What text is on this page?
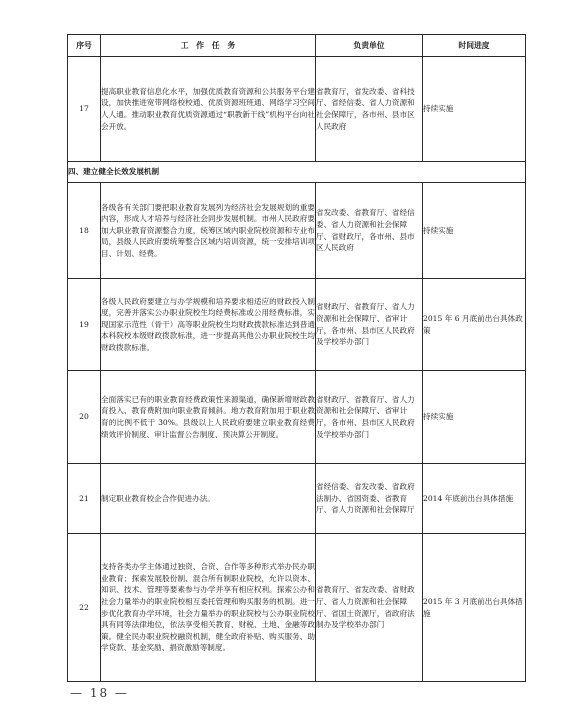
序号	工　作　任　务	负责单位	时间进度
17	提高职业教育信息化水平，加强优质教育资源和公共服务平台建设，加快推进宽带网络校校通、优质资源班班通、网络学习空间人人通。推动职业教育优质资源通过“职教新干线”机构平台向社会开放。	省教育厅，省发改委、省科技厅、省经信委、省人力资源和社会保障厅，各市州、县市区人民政府	持续实施
四、建立健全长效发展机制			
18	各级各有关部门要把职业教育发展列为经济社会发展规划的重要内容，形成人才培养与经济社会同步发展机制。市州人民政府要加大职业教育资源整合力度，统筹区域内职业院校资源和专业布局，县级人民政府要统筹整合区域内培训资源，统一安排培训项目、计划、经费。	省发改委、省教育厅、省经信委、省人力资源和社会保障厅、省财政厅，各市州、县市区人民政府	持续实施
19	各级人民政府要建立与办学规模和培养要求相适应的财政投入制度，完善并落实公办职业院校生均经费标准或公用经费标准，实现国家示范性（骨干）高等职业院校生均财政拨款标准达到普通本科院校本级财政拨款标准，进一步提高其他公办职业院校生均财政拨款标准。	省财政厅、省教育厅、省人力资源和社会保障厅、省审计厅，各市州、县市区人民政府及学校举办部门	2015 年 6 月底前出台具体政策
20	全面落实已有的职业教育经费政策性来源渠道，确保新增财政教育投入、教育费附加向职业教育倾斜。地方教育附加用于职业教育的比例不低于 30%。县级以上人民政府要建立职业教育经费绩效评价制度、审计监督公告制度、预决算公开制度。	省财政厅、省教育厅、省人力资源和社会保障厅、省审计厅，各市州、县市区人民政府及学校举办部门	持续实施
21	制定职业教育校企合作促进办法。	省经信委、省发改委、省政府法制办、省国资委、省教育厅、省人力资源和社会保障厅	2014 年底前出台具体措施
22	支持各类办学主体通过独资、合资、合作等多种形式举办民办职业教育；探索发展股份制、混合所有制职业院校，允许以资本、知识、技术、管理等要素参与办学并享有相应权利。探索公办和社会力量举办的职业院校相互委托管理和购买服务的机制。进一步优化教育办学环境，社会力量举办的职业院校与公办职业院校具有同等法律地位，依法享受相关教育、财税、土地、金融等政策。健全民办职业院校融资机制，健全政府补贴、购买服务、助学贷款、基金奖励、捐资激励等制度。	省教育厅、省发改委、省财政厅、省人力资源和社会保障厅、省国土资源厅，省政府法制办及学校举办部门	2015 年 3 月底前出台具体措施
— 18 —
